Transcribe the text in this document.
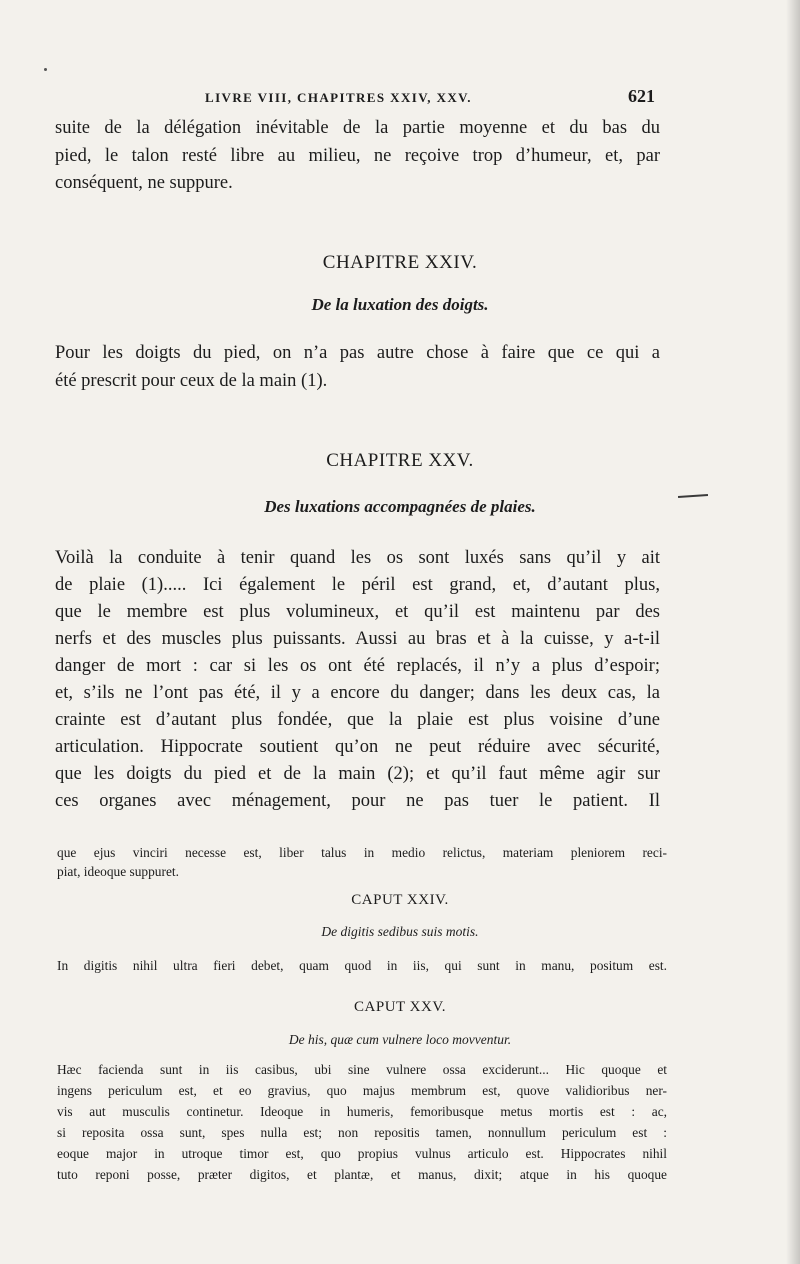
LIVRE VIII, CHAPITRES XXIV, XXV.	621
suite de la délégation inévitable de la partie moyenne et du bas du
pied, le talon resté libre au milieu, ne reçoive trop d’humeur, et, par
conséquent, ne suppure.
CHAPITRE XXIV.
De la luxation des doigts.
Pour les doigts du pied, on n’a pas autre chose à faire que ce qui a
été prescrit pour ceux de la main (1).
CHAPITRE XXV.
Des luxations accompagnées de plaies.
Voilà la conduite à tenir quand les os sont luxés sans qu’il y ait
de plaie (1)..... Ici également le péril est grand, et, d’autant plus,
que le membre est plus volumineux, et qu’il est maintenu par des
nerfs et des muscles plus puissants. Aussi au bras et à la cuisse, y a-t-il
danger de mort : car si les os ont été replacés, il n’y a plus d’espoir;
et, s’ils ne l’ont pas été, il y a encore du danger; dans les deux cas, la
crainte est d’autant plus fondée, que la plaie est plus voisine d’une
articulation. Hippocrate soutient qu’on ne peut réduire avec sécurité,
que les doigts du pied et de la main (2); et qu’il faut même agir sur
ces organes avec ménagement, pour ne pas tuer le patient. Il
que ejus vinciri necesse est, liber talus in medio relictus, materiam pleniorem reci-
piat, ideoque suppuret.
CAPUT XXIV.
De digitis sedibus suis motis.
In digitis nihil ultra fieri debet, quam quod in iis, qui sunt in manu, positum est.
CAPUT XXV.
De his, quæ cum vulnere loco movventur.
Hæc facienda sunt in iis casibus, ubi sine vulnere ossa exciderunt... Hic quoque et
ingens periculum est, et eo gravius, quo majus membrum est, quove validioribus ner-
vis aut musculis continetur. Ideoque in humeris, femoribusque metus mortis est : ac,
si reposita ossa sunt, spes nulla est; non repositis tamen, nonnullum periculum est :
eoque major in utroque timor est, quo propius vulnus articulo est. Hippocrates nihil
tuto reponi posse, præter digitos, et plantæ, et manus, dixit; atque in his quoque
